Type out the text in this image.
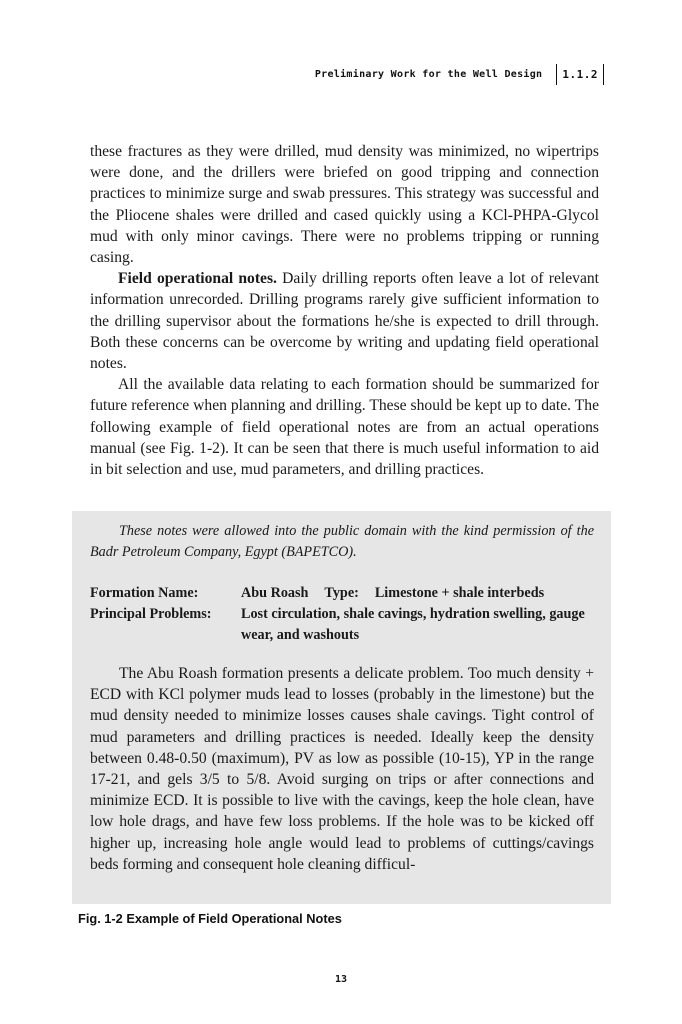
Preliminary Work for the Well Design	1.1.2

these fractures as they were drilled, mud density was minimized, no wipertrips were done, and the drillers were briefed on good tripping and connection practices to minimize surge and swab pressures. This strategy was successful and the Pliocene shales were drilled and cased quickly using a KCl-PHPA-Glycol mud with only minor cavings. There were no problems tripping or running casing.

Field operational notes. Daily drilling reports often leave a lot of relevant information unrecorded. Drilling programs rarely give sufficient information to the drilling supervisor about the formations he/she is expected to drill through. Both these concerns can be overcome by writing and updating field operational notes.

All the available data relating to each formation should be summarized for future reference when planning and drilling. These should be kept up to date. The following example of field operational notes are from an actual operations manual (see Fig. 1-2). It can be seen that there is much useful information to aid in bit selection and use, mud parameters, and drilling practices.

These notes were allowed into the public domain with the kind permission of the Badr Petroleum Company, Egypt (BAPETCO).

Formation Name:	Abu Roash Type: Limestone + shale interbeds
Principal Problems:	Lost circulation, shale cavings, hydration swelling, gauge wear, and washouts

The Abu Roash formation presents a delicate problem. Too much density + ECD with KCl polymer muds lead to losses (probably in the limestone) but the mud density needed to minimize losses causes shale cavings. Tight control of mud parameters and drilling practices is needed. Ideally keep the density between 0.48-0.50 (maximum), PV as low as possible (10-15), YP in the range 17-21, and gels 3/5 to 5/8. Avoid surging on trips or after connections and minimize ECD. It is possible to live with the cavings, keep the hole clean, have low hole drags, and have few loss problems. If the hole was to be kicked off higher up, increasing hole angle would lead to problems of cuttings/cavings beds forming and consequent hole cleaning difficul-

Fig. 1-2 Example of Field Operational Notes
13
